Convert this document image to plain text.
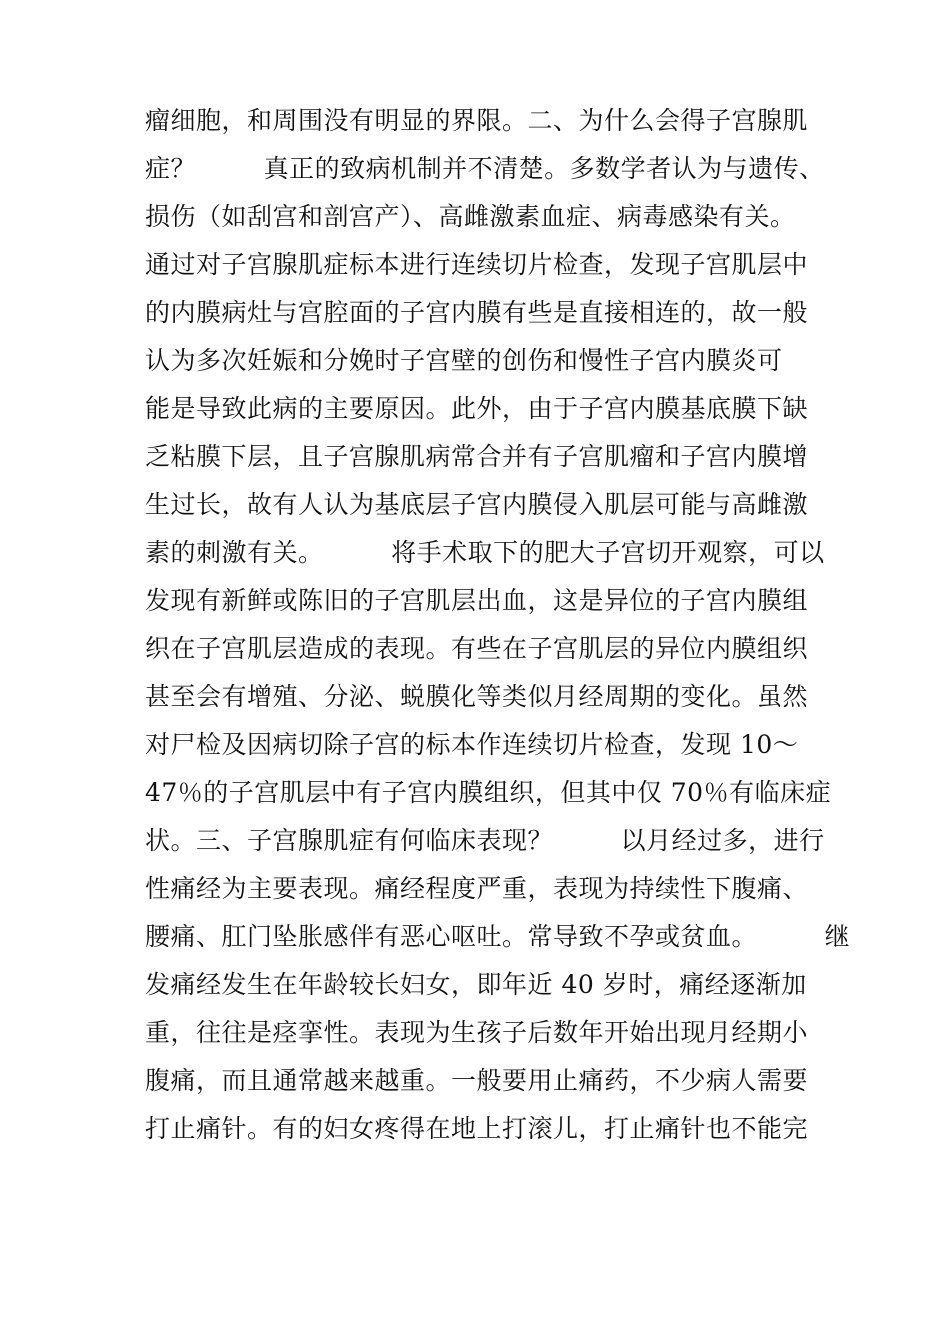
瘤细胞，和周围没有明显的界限。二、为什么会得子宫腺肌
症？        真正的致病机制并不清楚。多数学者认为与遗传、
损伤（如刮宫和剖宫产）、高雌激素血症、病毒感染有关。
通过对子宫腺肌症标本进行连续切片检查，发现子宫肌层中
的内膜病灶与宫腔面的子宫内膜有些是直接相连的，故一般
认为多次妊娠和分娩时子宫壁的创伤和慢性子宫内膜炎可
能是导致此病的主要原因。此外，由于子宫内膜基底膜下缺
乏粘膜下层，且子宫腺肌病常合并有子宫肌瘤和子宫内膜增
生过长，故有人认为基底层子宫内膜侵入肌层可能与高雌激
素的刺激有关。        将手术取下的肥大子宫切开观察，可以
发现有新鲜或陈旧的子宫肌层出血，这是异位的子宫内膜组
织在子宫肌层造成的表现。有些在子宫肌层的异位内膜组织
甚至会有增殖、分泌、蜕膜化等类似月经周期的变化。虽然
对尸检及因病切除子宫的标本作连续切片检查，发现 10～
47％的子宫肌层中有子宫内膜组织，但其中仅 70％有临床症
状。三、子宫腺肌症有何临床表现？        以月经过多，进行
性痛经为主要表现。痛经程度严重，表现为持续性下腹痛、
腰痛、肛门坠胀感伴有恶心呕吐。常导致不孕或贫血。        继
发痛经发生在年龄较长妇女，即年近 40 岁时，痛经逐渐加
重，往往是痉挛性。表现为生孩子后数年开始出现月经期小
腹痛，而且通常越来越重。一般要用止痛药，不少病人需要
打止痛针。有的妇女疼得在地上打滚儿，打止痛针也不能完
